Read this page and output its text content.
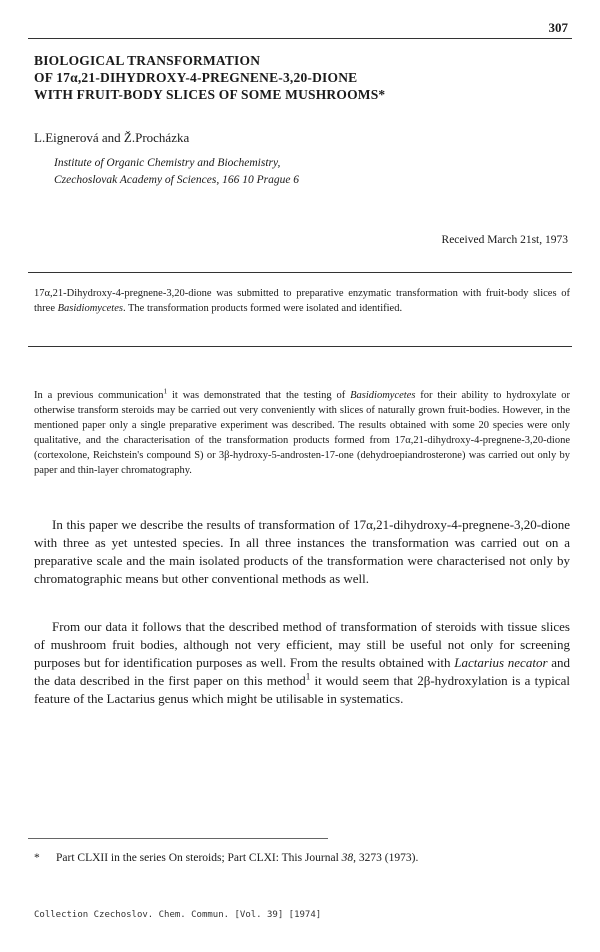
307
BIOLOGICAL TRANSFORMATION
OF 17α,21-DIHYDROXY-4-PREGNENE-3,20-DIONE
WITH FRUIT-BODY SLICES OF SOME MUSHROOMS*
L.Eignerová and Ž.Procházka
Institute of Organic Chemistry and Biochemistry,
Czechoslovak Academy of Sciences, 166 10 Prague 6
Received March 21st, 1973
17α,21-Dihydroxy-4-pregnene-3,20-dione was submitted to preparative enzymatic transformation with fruit-body slices of three Basidiomycetes. The transformation products formed were isolated and identified.
In a previous communication$^1$ it was demonstrated that the testing of Basidiomycetes for their ability to hydroxylate or otherwise transform steroids may be carried out very conveniently with slices of naturally grown fruit-bodies. However, in the mentioned paper only a single preparative experiment was described. The results obtained with some 20 species were only qualitative, and the characterisation of the transformation products formed from 17α,21-dihydroxy-4-pregnene-3,20-dione (cortexolone, Reichstein's compound S) or 3β-hydroxy-5-androsten-17-one (dehydroepiandrosterone) was carried out only by paper and thin-layer chromatography.
In this paper we describe the results of transformation of 17α,21-dihydroxy-4-pregnene-3,20-dione with three as yet untested species. In all three instances the transformation was carried out on a preparative scale and the main isolated products of the transformation were characterised not only by chromatographic means but other conventional methods as well.
From our data it follows that the described method of transformation of steroids with tissue slices of mushroom fruit bodies, although not very efficient, may still be useful not only for screening purposes but for identification purposes as well. From the results obtained with Lactarius necator and the data described in the first paper on this method$^1$ it would seem that 2β-hydroxylation is a typical feature of the Lactarius genus which might be utilisable in systematics.
* Part CLXII in the series On steroids; Part CLXI: This Journal 38, 3273 (1973).
Collection Czechoslov. Chem. Commun. [Vol. 39] [1974]
